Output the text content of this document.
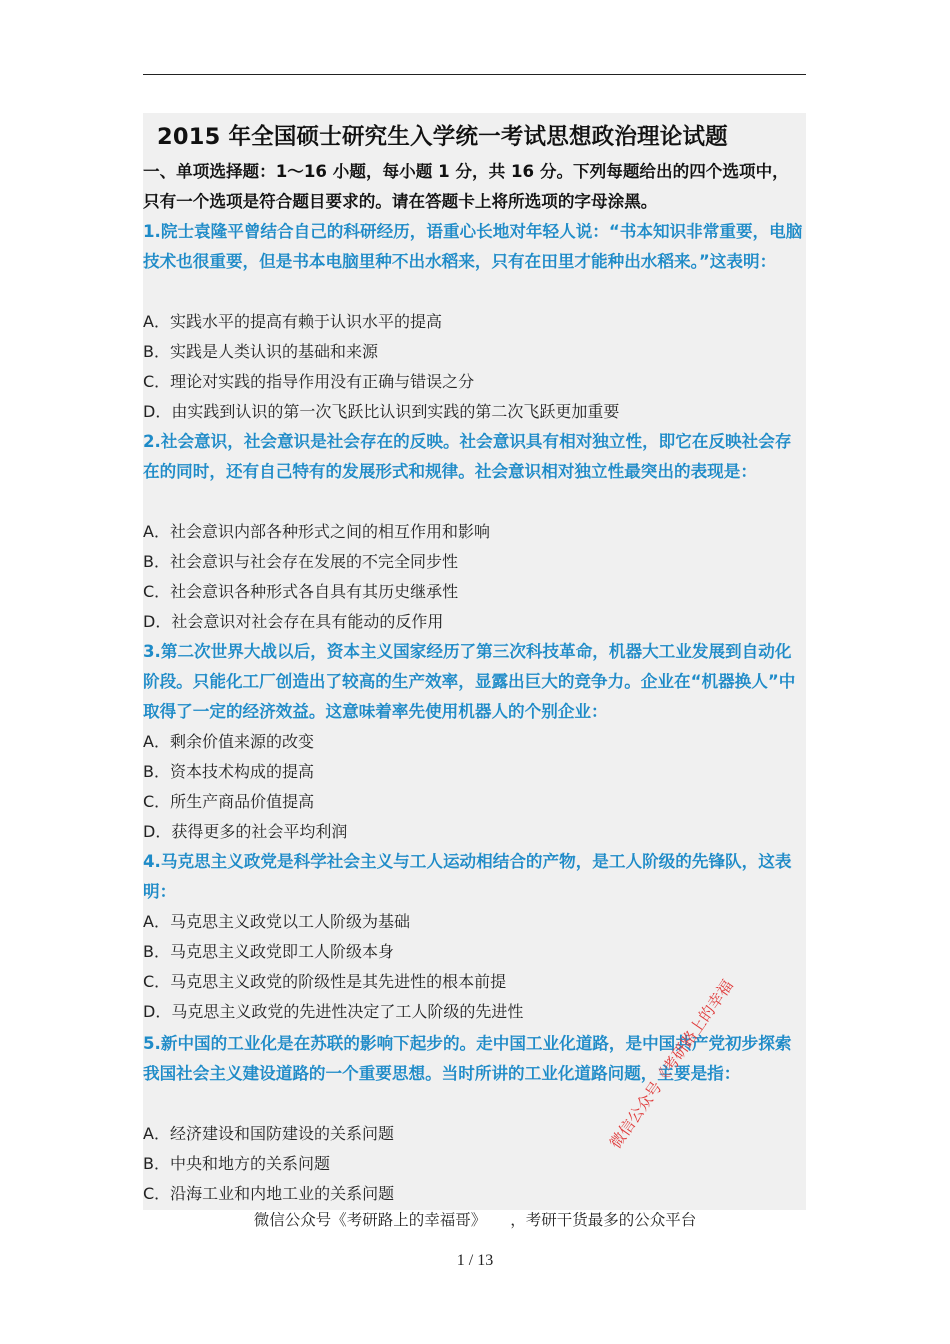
2015 年全国硕士研究生入学统一考试思想政治理论试题
一、单项选择题：1～16 小题，每小题 1 分，共 16 分。下列每题给出的四个选项中，只有一个选项是符合题目要求的。请在答题卡上将所选项的字母涂黑。
1.院士袁隆平曾结合自己的科研经历，语重心长地对年轻人说：“书本知识非常重要，电脑技术也很重要，但是书本电脑里种不出水稻来，只有在田里才能种出水稻来。”这表明：
A．实践水平的提高有赖于认识水平的提高
B．实践是人类认识的基础和来源
C．理论对实践的指导作用没有正确与错误之分
D．由实践到认识的第一次飞跃比认识到实践的第二次飞跃更加重要
2.社会意识，社会意识是社会存在的反映。社会意识具有相对独立性，即它在反映社会存在的同时，还有自己特有的发展形式和规律。社会意识相对独立性最突出的表现是：
A．社会意识内部各种形式之间的相互作用和影响
B．社会意识与社会存在发展的不完全同步性
C．社会意识各种形式各自具有其历史继承性
D．社会意识对社会存在具有能动的反作用
3.第二次世界大战以后，资本主义国家经历了第三次科技革命，机器大工业发展到自动化阶段。只能化工厂创造出了较高的生产效率，显露出巨大的竞争力。企业在“机器换人”中取得了一定的经济效益。这意味着率先使用机器人的个别企业：
A．剩余价值来源的改变
B．资本技术构成的提高
C．所生产商品价值提高
D．获得更多的社会平均利润
4.马克思主义政党是科学社会主义与工人运动相结合的产物，是工人阶级的先锋队，这表明：
A．马克思主义政党以工人阶级为基础
B．马克思主义政党即工人阶级本身
C．马克思主义政党的阶级性是其先进性的根本前提
D．马克思主义政党的先进性决定了工人阶级的先进性
5.新中国的工业化是在苏联的影响下起步的。走中国工业化道路，是中国共产党初步探索我国社会主义建设道路的一个重要思想。当时所讲的工业化道路问题，主要是指：
A．经济建设和国防建设的关系问题
B．中央和地方的关系问题
C．沿海工业和内地工业的关系问题
微信公众号《考研路上的幸福
微信公众号《考研路上的幸福哥》 ，考研干货最多的公众平台
1 / 13
